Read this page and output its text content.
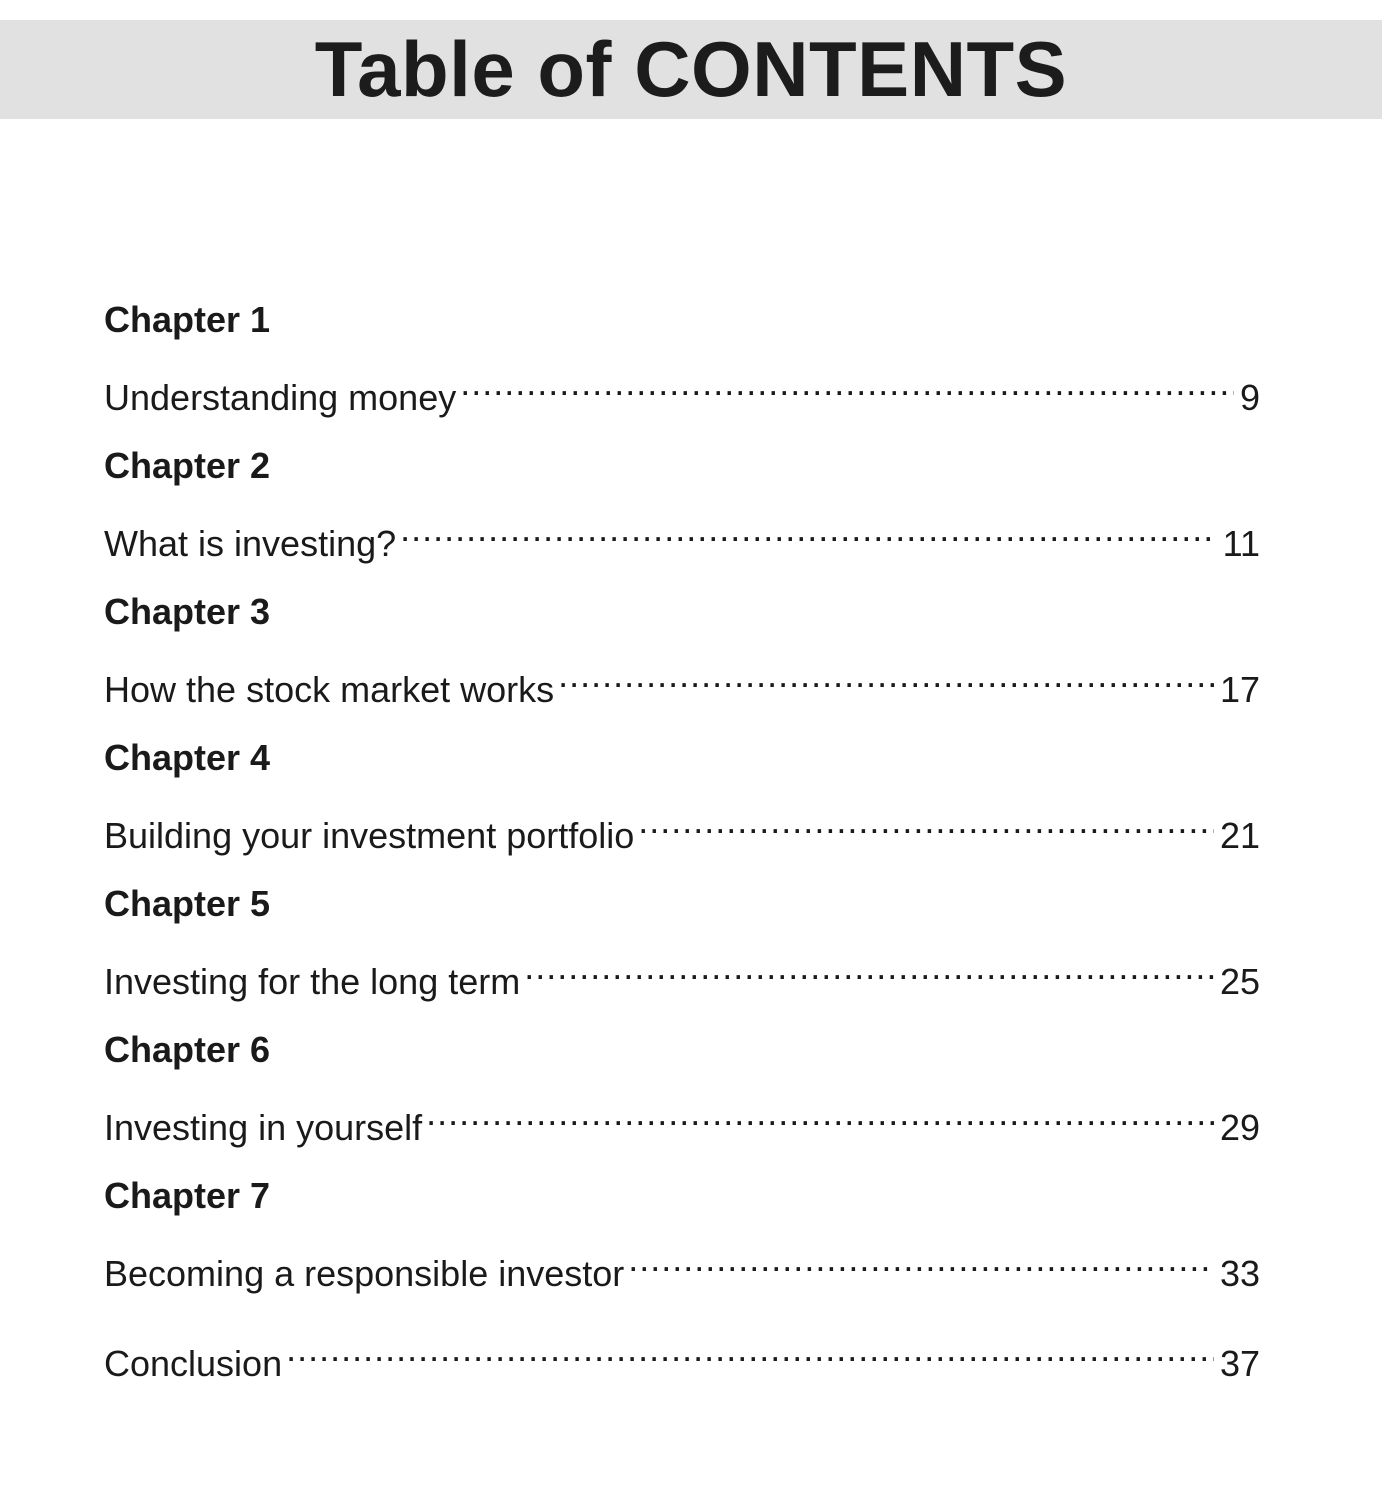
Table of CONTENTS
Chapter 1
Understanding money .....	9
Chapter 2
What is investing? .....	11
Chapter 3
How the stock market works .....	17
Chapter 4
Building your investment portfolio .....	21
Chapter 5
Investing for the long term .....	25
Chapter 6
Investing in yourself .....	29
Chapter 7
Becoming a responsible investor .....	33
Conclusion .....	37
